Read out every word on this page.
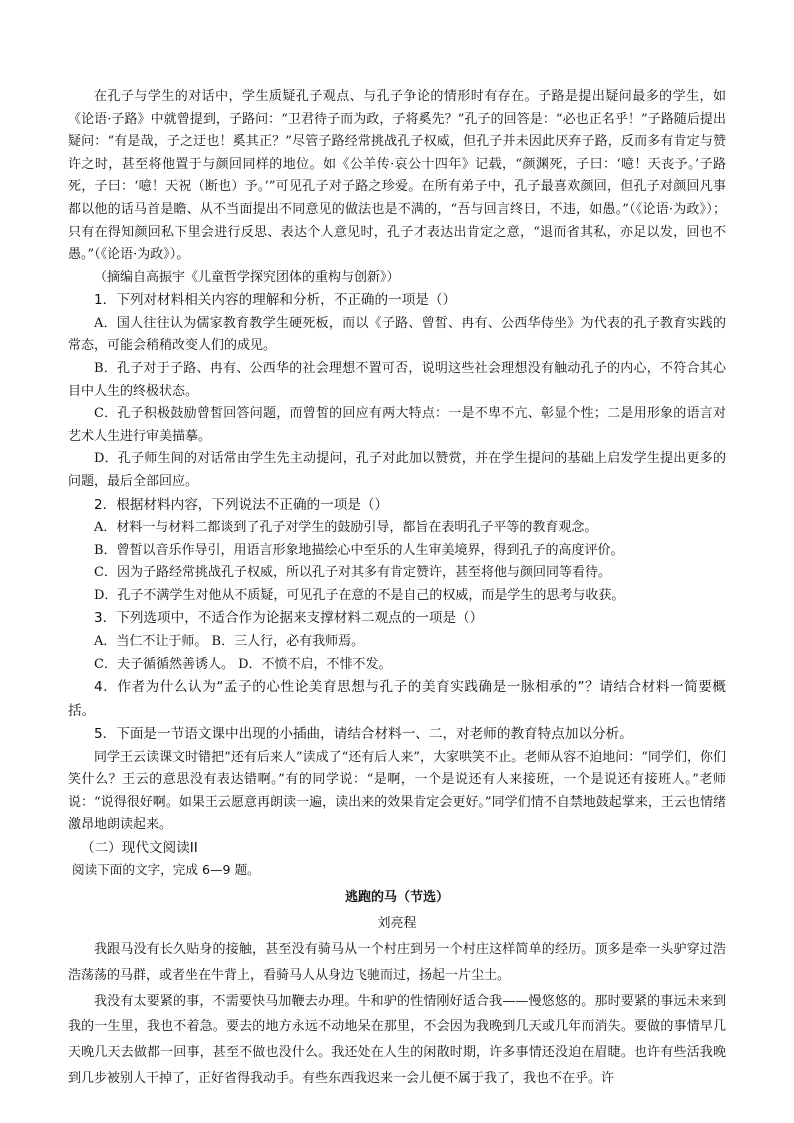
在孔子与学生的对话中，学生质疑孔子观点、与孔子争论的情形时有存在。子路是提出疑问最多的学生，如《论语·子路》中就曾提到，子路问：“卫君待子而为政，子将奚先？”孔子的回答是：“必也正名乎！”子路随后提出疑问：“有是哉，子之迂也！奚其正？”尽管子路经常挑战孔子权威，但孔子并未因此厌弃子路，反而多有肯定与赞许之时，甚至将他置于与颜回同样的地位。如《公羊传·哀公十四年》记载，“颜渊死，子曰：‘噫！天丧予。’子路死，子曰：‘噫！天祝（断也）予。’”可见孔子对子路之珍爱。在所有弟子中，孔子最喜欢颜回，但孔子对颜回凡事都以他的话马首是瞻、从不当面提出不同意见的做法也是不满的，“吾与回言终日，不违，如愚。”（《论语·为政》）；只有在得知颜回私下里会进行反思、表达个人意见时，孔子才表达出肯定之意，“退而省其私，亦足以发，回也不愚。”（《论语·为政》）。

（摘编自高振宇《儿童哲学探究团体的重构与创新》）

1．下列对材料相关内容的理解和分析，不正确的一项是（）

A．国人往往认为儒家教育教学生硬死板，而以《子路、曾皙、冉有、公西华侍坐》为代表的孔子教育实践的常态，可能会稍稍改变人们的成见。

B．孔子对于子路、冉有、公西华的社会理想不置可否，说明这些社会理想没有触动孔子的内心，不符合其心目中人生的终极状态。

C．孔子积极鼓励曾皙回答问题，而曾皙的回应有两大特点：一是不卑不亢、彰显个性；二是用形象的语言对艺术人生进行审美描摹。

D．孔子师生间的对话常由学生先主动提问，孔子对此加以赞赏，并在学生提问的基础上启发学生提出更多的问题，最后全部回应。

2．根据材料内容，下列说法不正确的一项是（）

A．材料一与材料二都谈到了孔子对学生的鼓励引导，都旨在表明孔子平等的教育观念。

B．曾皙以音乐作导引，用语言形象地描绘心中至乐的人生审美境界，得到孔子的高度评价。

C．因为子路经常挑战孔子权威，所以孔子对其多有肯定赞许，甚至将他与颜回同等看待。

D．孔子不满学生对他从不质疑，可见孔子在意的不是自己的权威，而是学生的思考与收获。

3．下列选项中，不适合作为论据来支撑材料二观点的一项是（）

A．当仁不让于师。 B．三人行，必有我师焉。

C．夫子循循然善诱人。 D．不愤不启，不悱不发。

4．作者为什么认为“孟子的心性论美育思想与孔子的美育实践确是一脉相承的”？请结合材料一简要概括。

5．下面是一节语文课中出现的小插曲，请结合材料一、二，对老师的教育特点加以分析。

同学王云读课文时错把“还有后来人”读成了“还有后人来”，大家哄笑不止。老师从容不迫地问：“同学们，你们笑什么？王云的意思没有表达错啊。”有的同学说：“是啊，一个是说还有人来接班，一个是说还有接班人。”老师说：“说得很好啊。如果王云愿意再朗读一遍，读出来的效果肯定会更好。”同学们情不自禁地鼓起掌来，王云也情绪激昂地朗读起来。

（二）现代文阅读II

阅读下面的文字，完成 6—9 题。

逃跑的马（节选）

刘亮程

我跟马没有长久贴身的接触，甚至没有骑马从一个村庄到另一个村庄这样简单的经历。顶多是牵一头驴穿过浩浩荡荡的马群，或者坐在牛背上，看骑马人从身边飞驰而过，扬起一片尘土。

我没有太要紧的事，不需要快马加鞭去办理。牛和驴的性情刚好适合我——慢悠悠的。那时要紧的事远未来到我的一生里，我也不着急。要去的地方永远不动地呆在那里，不会因为我晚到几天或几年而消失。要做的事情早几天晚几天去做都一回事，甚至不做也没什么。我还处在人生的闲散时期，许多事情还没迫在眉睫。也许有些活我晚到几步被别人干掉了，正好省得我动手。有些东西我迟来一会儿便不属于我了，我也不在乎。许
